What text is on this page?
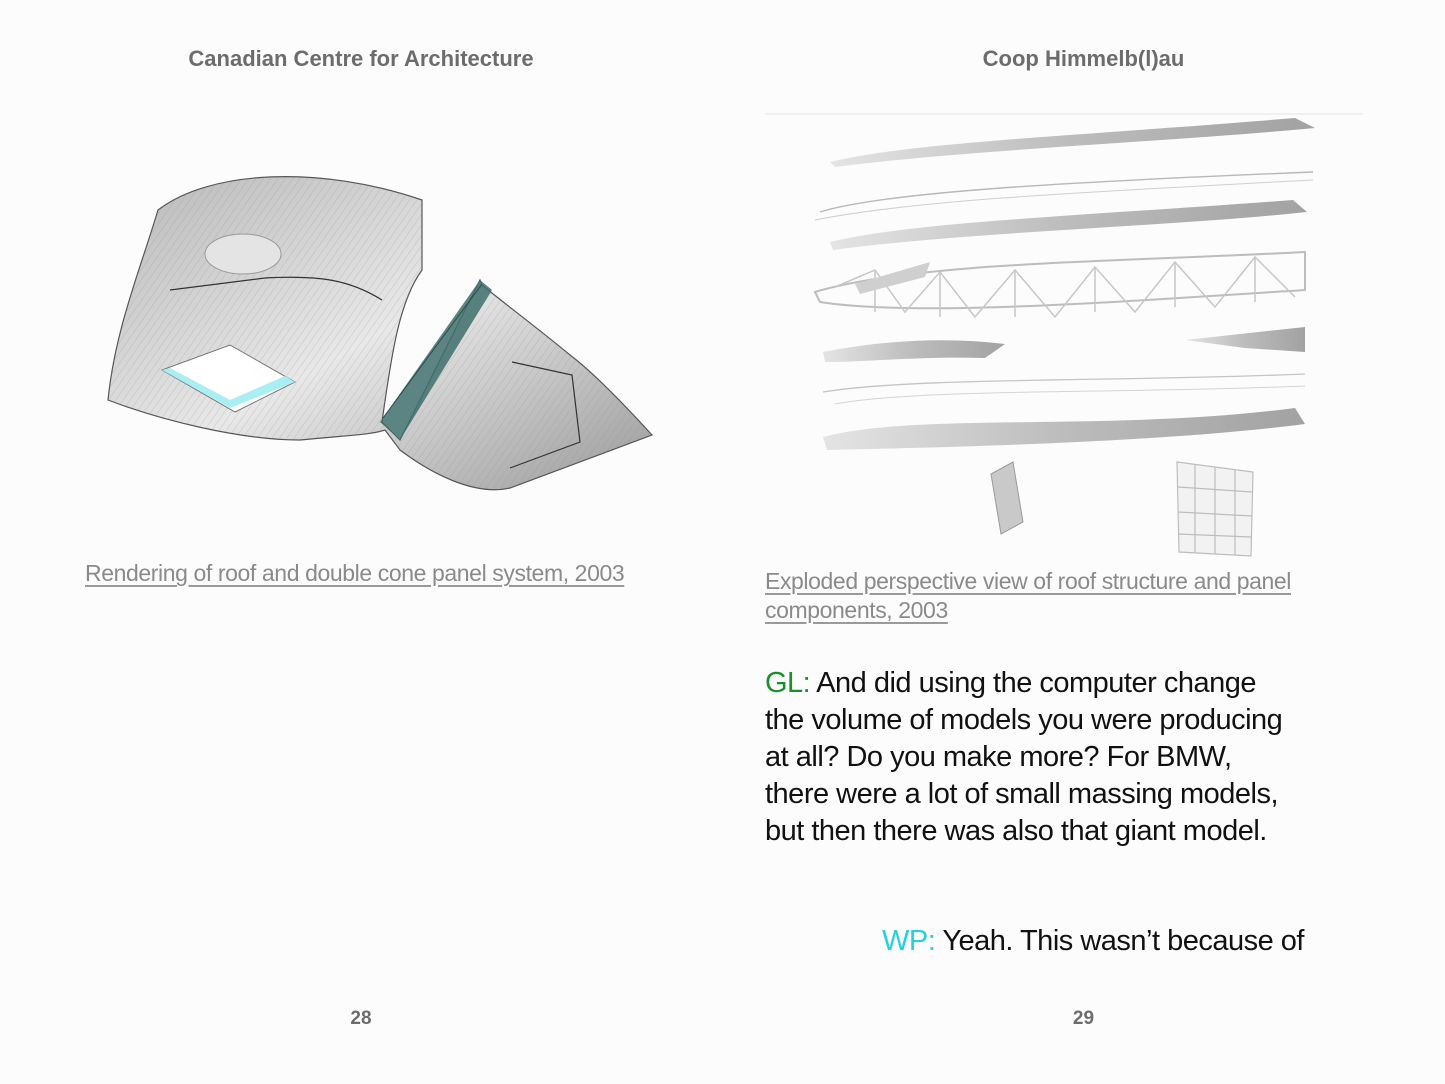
Canadian Centre for Architecture
Rendering of roof and double cone panel system, 2003
28
Coop Himmelb(l)au
Exploded perspective view of roof structure and panel components, 2003
GL: And did using the computer change the volume of models you were producing at all? Do you make more? For BMW, there were a lot of small massing models, but then there was also that giant model.
WP: Yeah. This wasn’t because of
29
